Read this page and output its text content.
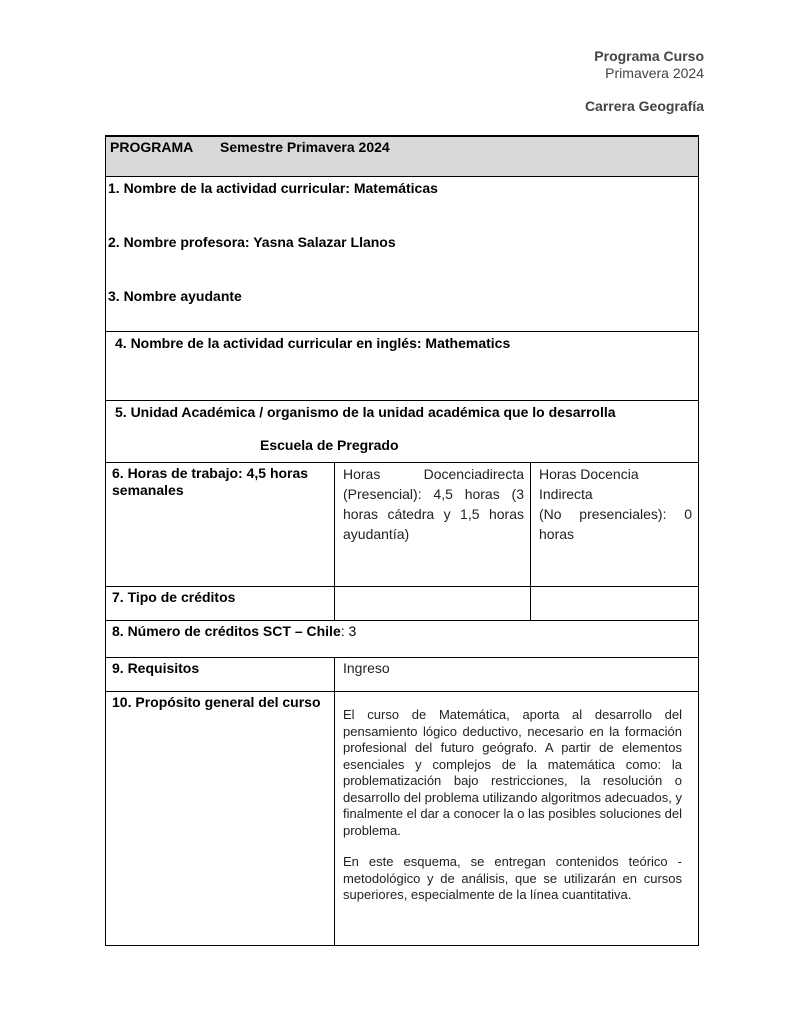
Programa Curso
Primavera 2024
Carrera Geografía
PROGRAMA Semestre Primavera 2024
1. Nombre de la actividad curricular: Matemáticas
2. Nombre profesora: Yasna Salazar Llanos
3. Nombre ayudante
4. Nombre de la actividad curricular en inglés: Mathematics
5. Unidad Académica / organismo de la unidad académica que lo desarrolla
Escuela de Pregrado
6. Horas de trabajo: 4,5 horas semanales
Horas Docenciadirecta (Presencial): 4,5 horas (3 horas cátedra y 1,5 horas ayudantía)
Horas Docencia Indirecta
(No presenciales): 0 horas
7. Tipo de créditos
8. Número de créditos SCT – Chile: 3
9. Requisitos	Ingreso
10. Propósito general del curso
El curso de Matemática, aporta al desarrollo del pensamiento lógico deductivo, necesario en la formación profesional del futuro geógrafo. A partir de elementos esenciales y complejos de la matemática como: la problematización bajo restricciones, la resolución o desarrollo del problema utilizando algoritmos adecuados, y finalmente el dar a conocer la o las posibles soluciones del problema.
En este esquema, se entregan contenidos teórico - metodológico y de análisis, que se utilizarán en cursos superiores, especialmente de la línea cuantitativa.
